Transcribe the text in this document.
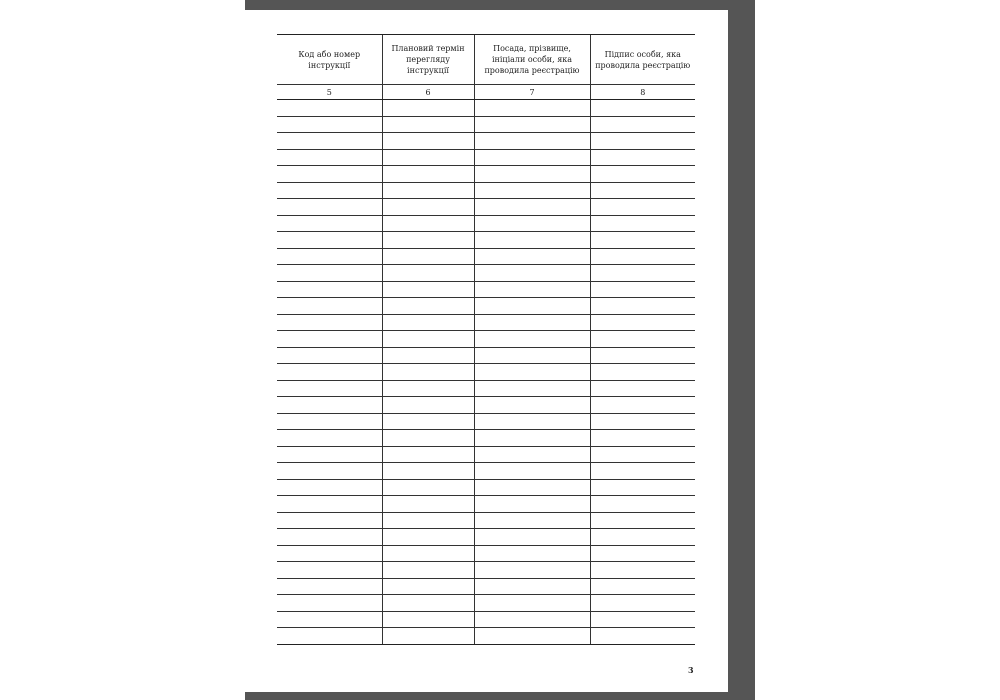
Код або номер інструкції	Плановий термін перегляду інструкції	Посада, прізвище, ініціали особи, яка проводила реєстрацію	Підпис особи, яка проводила реєстрацію
5	6	7	8

3
